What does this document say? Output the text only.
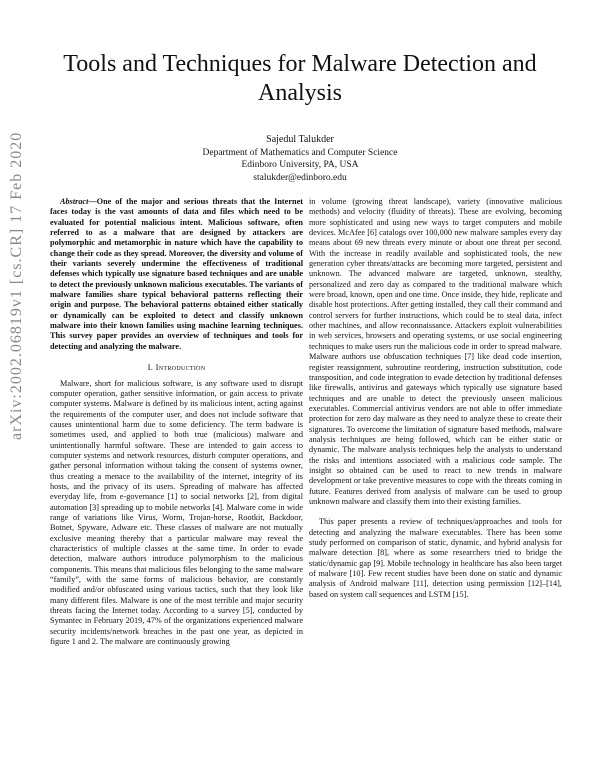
arXiv:2002.06819v1 [cs.CR] 17 Feb 2020
Tools and Techniques for Malware Detection and Analysis
Sajedul Talukder
Department of Mathematics and Computer Science
Edinboro University, PA, USA
stalukder@edinboro.edu

Abstract—One of the major and serious threats that the Internet faces today is the vast amounts of data and files which need to be evaluated for potential malicious intent. Malicious software, often referred to as a malware that are designed by attackers are polymorphic and metamorphic in nature which have the capability to change their code as they spread. Moreover, the diversity and volume of their variants severely undermine the effectiveness of traditional defenses which typically use signature based techniques and are unable to detect the previously unknown malicious executables. The variants of malware families share typical behavioral patterns reflecting their origin and purpose. The behavioral patterns obtained either statically or dynamically can be exploited to detect and classify unknown malware into their known families using machine learning techniques. This survey paper provides an overview of techniques and tools for detecting and analyzing the malware.

I. Introduction

Malware, short for malicious software, is any software used to disrupt computer operation, gather sensitive information, or gain access to private computer systems. Malware is defined by its malicious intent, acting against the requirements of the computer user, and does not include software that causes unintentional harm due to some deficiency. The term badware is sometimes used, and applied to both true (malicious) malware and unintentionally harmful software. These are intended to gain access to computer systems and network resources, disturb computer operations, and gather personal information without taking the consent of systems owner, thus creating a menace to the availability of the internet, integrity of its hosts, and the privacy of its users. Spreading of malware has affected everyday life, from e-governance [1] to social networks [2], from digital automation [3] spreading up to mobile networks [4]. Malware come in wide range of variations like Virus, Worm, Trojan-horse, Rootkit, Backdoor, Botnet, Spyware, Adware etc. These classes of malware are not mutually exclusive meaning thereby that a particular malware may reveal the characteristics of multiple classes at the same time. In order to evade detection, malware authors introduce polymorphism to the malicious components. This means that malicious files belonging to the same malware “family”, with the same forms of malicious behavior, are constantly modified and/or obfuscated using various tactics, such that they look like many different files. Malware is one of the most terrible and major security threats facing the Internet today. According to a survey [5], conducted by Symantec in February 2019, 47% of the organizations experienced malware security incidents/network breaches in the past one year, as depicted in figure 1 and 2. The malware are continuously growing

in volume (growing threat landscape), variety (innovative malicious methods) and velocity (fluidity of threats). These are evolving, becoming more sophisticated and using new ways to target computers and mobile devices. McAfee [6] catalogs over 100,000 new malware samples every day means about 69 new threats every minute or about one threat per second. With the increase in readily available and sophisticated tools, the new generation cyber threats/attacks are becoming more targeted, persistent and unknown. The advanced malware are targeted, unknown, stealthy, personalized and zero day as compared to the traditional malware which were broad, known, open and one time. Once inside, they hide, replicate and disable host protections. After getting installed, they call their command and control servers for further instructions, which could be to steal data, infect other machines, and allow reconnaissance. Attackers exploit vulnerabilities in web services, browsers and operating systems, or use social engineering techniques to make users run the malicious code in order to spread malware. Malware authors use obfuscation techniques [7] like dead code insertion, register reassignment, subroutine reordering, instruction substitution, code transposition, and code integration to evade detection by traditional defenses like firewalls, antivirus and gateways which typically use signature based techniques and are unable to detect the previously unseen malicious executables. Commercial antivirus vendors are not able to offer immediate protection for zero day malware as they need to analyze these to create their signatures. To overcome the limitation of signature based methods, malware analysis techniques are being followed, which can be either static or dynamic. The malware analysis techniques help the analysts to understand the risks and intentions associated with a malicious code sample. The insight so obtained can be used to react to new trends in malware development or take preventive measures to cope with the threats coming in future. Features derived from analysis of malware can be used to group unknown malware and classify them into their existing families.

This paper presents a review of techniques/approaches and tools for detecting and analyzing the malware executables. There has been some study performed on comparison of static, dynamic, and hybrid analysis for malware detection [8], where as some researchers tried to bridge the static/dynamic gap [9]. Mobile technology in healthcare has also been target of malware [10]. Few recent studies have been done on static and dynamic analysis of Android malware [11], detection using permission [12]–[14], based on system call sequences and LSTM [15].
